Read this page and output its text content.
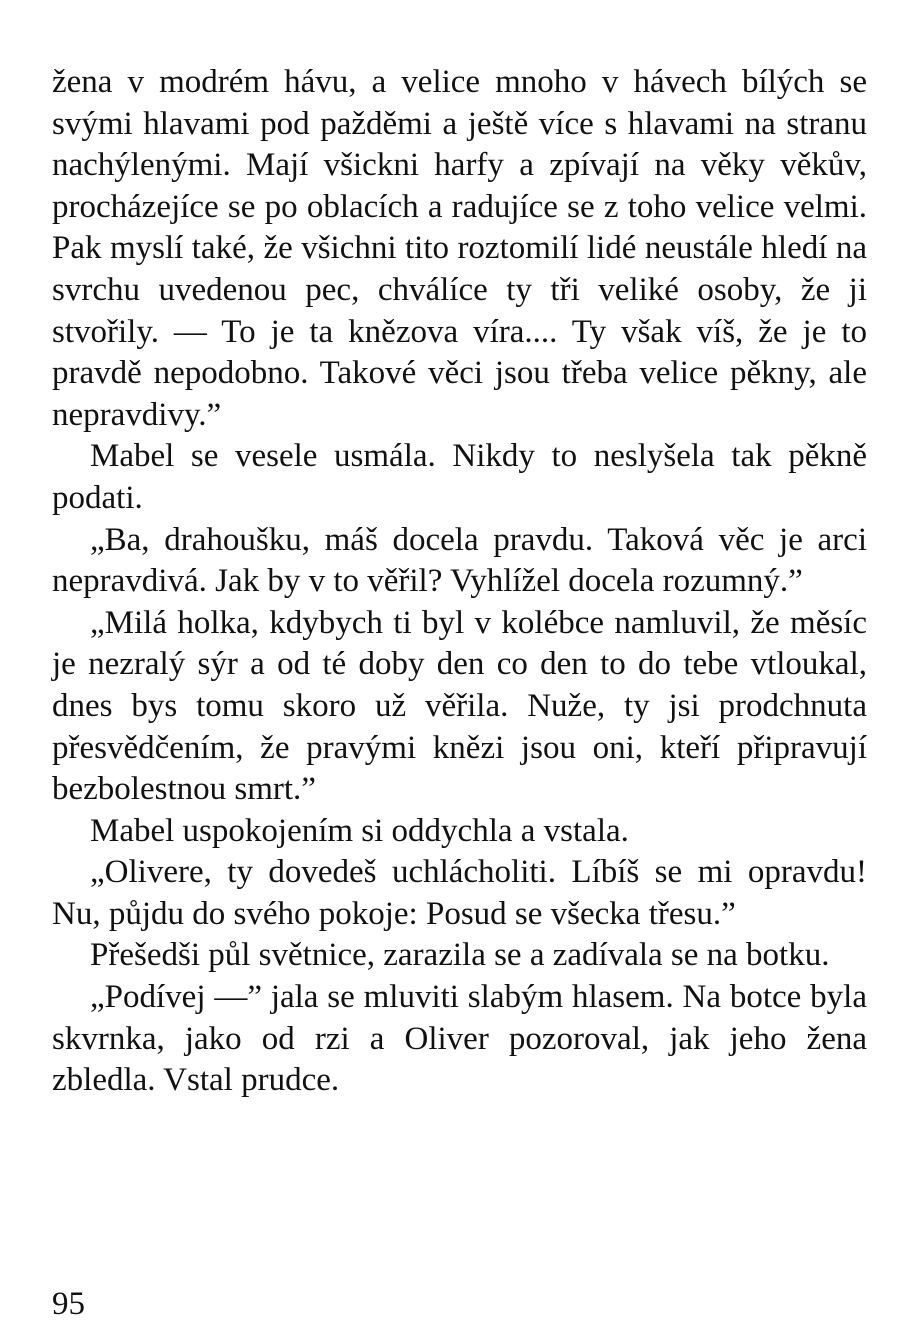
žena v modrém hávu, a velice mnoho v hávech bílých se svými hlavami pod pažděmi a ještě více s hlavami na stranu nachýlenými. Mají všickni harfy a zpívají na věky věkův, procházejíce se po oblacích a radujíce se z toho velice velmi. Pak myslí také, že všichni tito roztomilí lidé neustále hledí na svrchu uvedenou pec, chválíce ty tři veliké osoby, že ji stvořily. — To je ta knězova víra.... Ty však víš, že je to pravdě nepodobno. Takové věci jsou třeba velice pěkny, ale nepravdivy.”

Mabel se vesele usmála. Nikdy to neslyšela tak pěkně podati.

„Ba, drahoušku, máš docela pravdu. Taková věc je arci nepravdivá. Jak by v to věřil? Vyhlížel docela rozumný.”

„Milá holka, kdybych ti byl v kolébce namluvil, že měsíc je nezralý sýr a od té doby den co den to do tebe vtloukal, dnes bys tomu skoro už věřila. Nuže, ty jsi prodchnuta přesvědčením, že pravými knězi jsou oni, kteří připravují bezbolestnou smrt.”

Mabel uspokojením si oddychla a vstala.

„Olivere, ty dovedeš uchlácholiti. Líbíš se mi opravdu! Nu, půjdu do svého pokoje: Posud se všecka třesu.”

Přešedši půl světnice, zarazila se a zadívala se na botku.

„Podívej —” jala se mluviti slabým hlasem. Na botce byla skvrnka, jako od rzi a Oliver pozoroval, jak jeho žena zbledla. Vstal prudce.

95
